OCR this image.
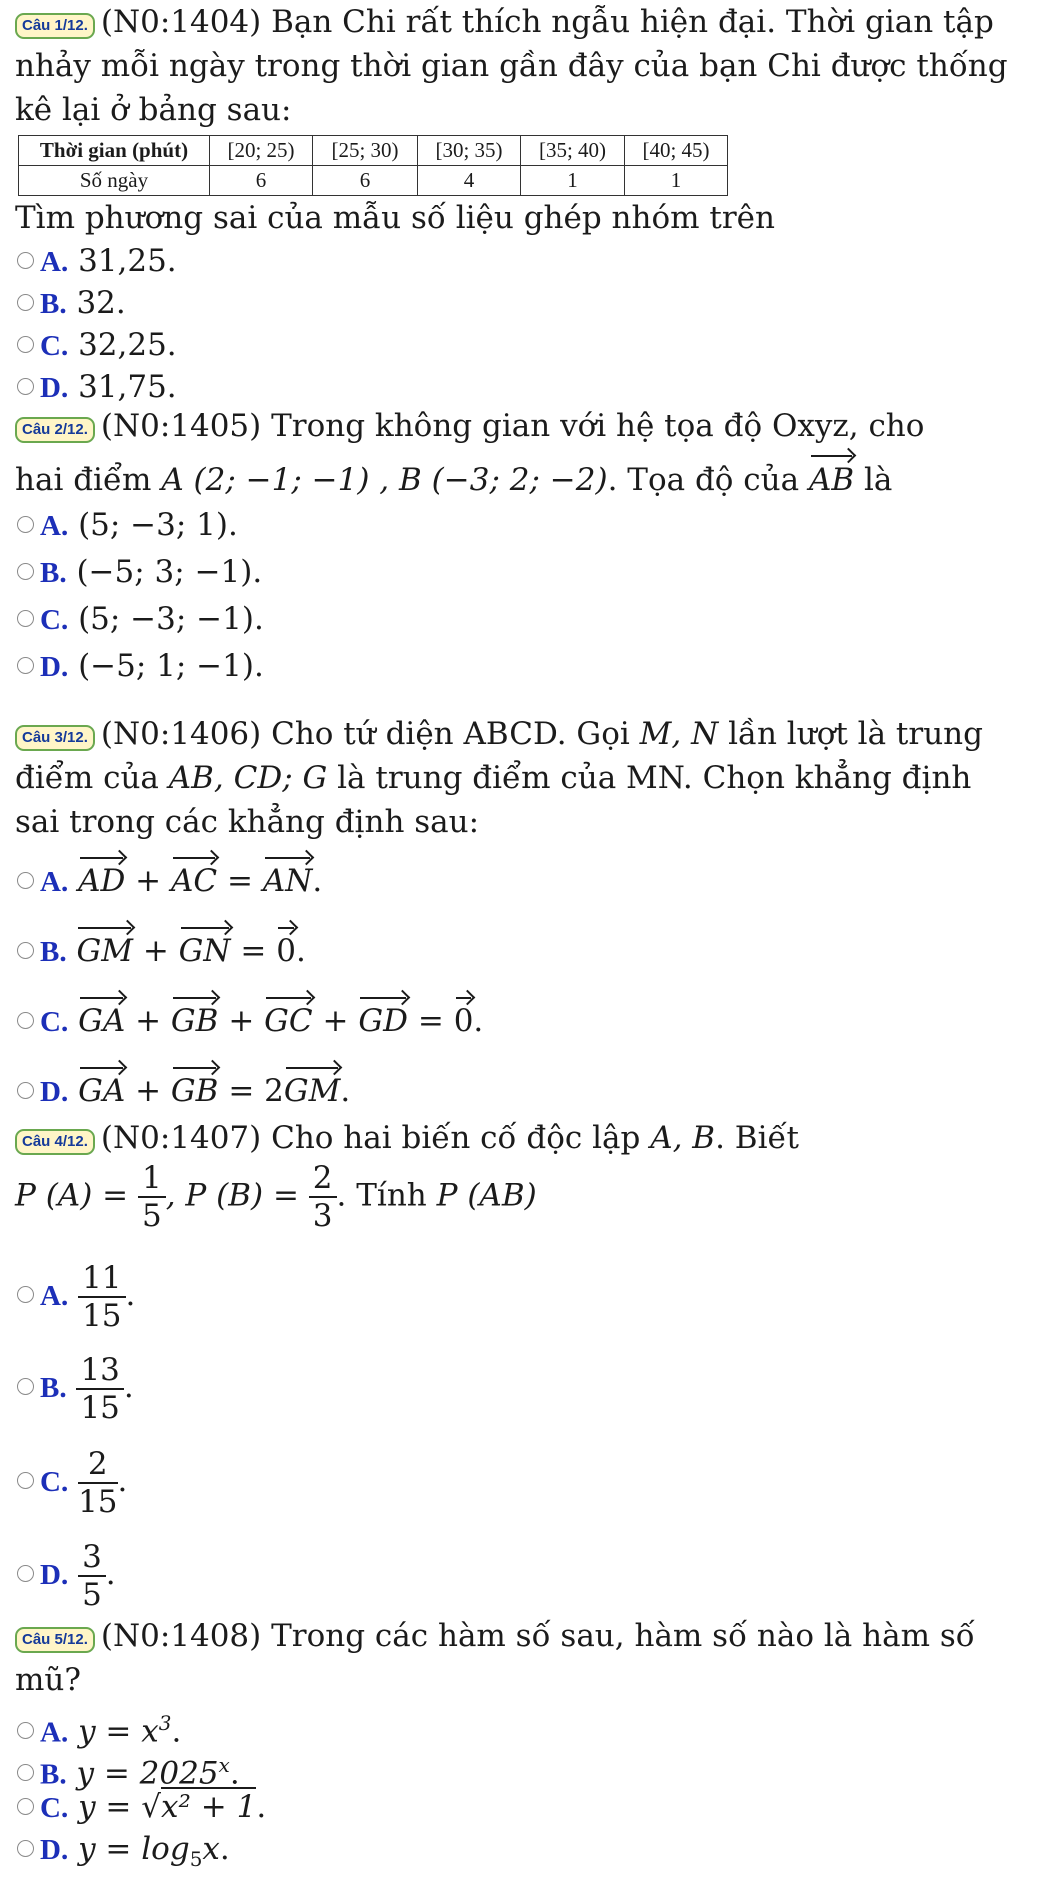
Câu 1/12. (N0:1404) Bạn Chi rất thích ngẫu hiện đại. Thời gian tập nhảy mỗi ngày trong thời gian gần đây của bạn Chi được thống kê lại ở bảng sau:

Thời gian (phút)	[20; 25)	[25; 30)	[30; 35)	[35; 40)	[40; 45)
Số ngày	6	6	4	1	1

Tìm phương sai của mẫu số liệu ghép nhóm trên

A. 31,25.
B. 32.
C. 32,25.
D. 31,75.

Câu 2/12. (N0:1405) Trong không gian với hệ tọa độ Oxyz, cho

hai điểm A (2; −1; −1) , B (−3; 2; −2). Tọa độ của AB là

A. (5; −3; 1).
B. (−5; 3; −1).
C. (5; −3; −1).
D. (−5; 1; −1).

Câu 3/12. (N0:1406) Cho tứ diện ABCD. Gọi M, N lần lượt là trung điểm của AB, CD; G là trung điểm của MN. Chọn khẳng định sai trong các khẳng định sau:

A. AD + AC = AN.
B. GM + GN = 0.
C. GA + GB + GC + GD = 0.
D. GA + GB = 2GM.

Câu 4/12. (N0:1407) Cho hai biến cố độc lập A, B. Biết

P $(A) = \frac{1}{5}$ , P $(B) = \frac{2}{3}$ . Tính P (AB)
A. $\frac{11}{15}$ .
B. $\frac{13}{15}$ .
C. $\frac{2}{15}$ .
D. $\frac{3}{5}$ .

Câu 5/12. (N0:1408) Trong các hàm số sau, hàm số nào là hàm số mũ?

A. $y = x^3$.
B. $y = 2025^x$.
C. y = √x² + 1.
D. $y = \log_5x$.
